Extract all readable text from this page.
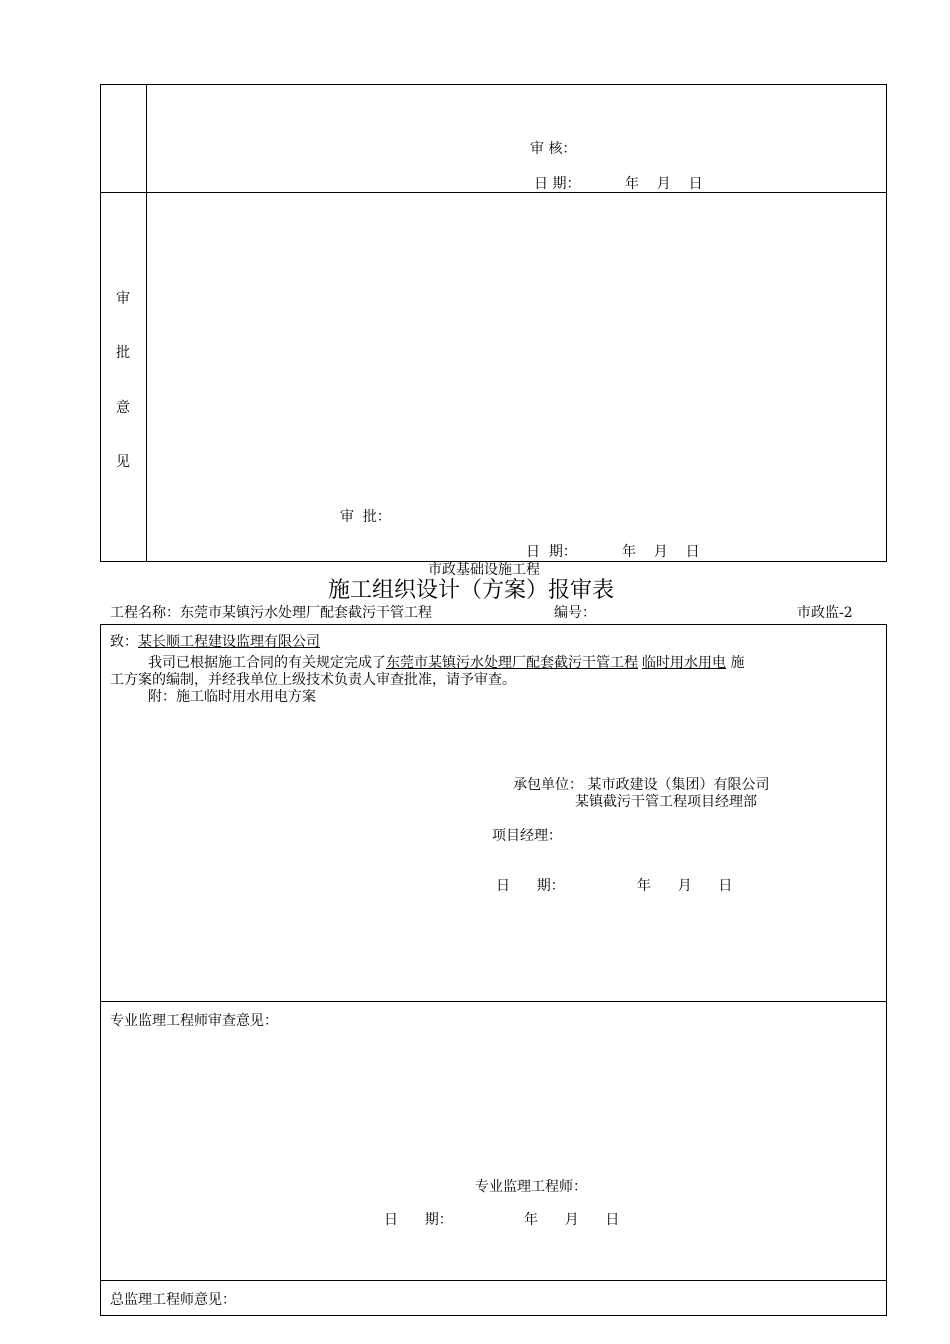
审 核：
日 期：	年    月    日
审
批
意
见
审  批：
日  期：	年    月    日
市政基础设施工程
施工组织设计（方案）报审表
工程名称：东莞市某镇污水处理厂配套截污干管工程	编号：	市政监-2
致：某长顺工程建设监理有限公司
我司已根据施工合同的有关规定完成了东莞市某镇污水处理厂配套截污干管工程 临时用水用电 施
工方案的编制，并经我单位上级技术负责人审查批准，请予审查。
附：施工临时用水用电方案
承包单位： 某市政建设（集团）有限公司
某镇截污干管工程项目经理部
项目经理：
日      期：	年      月      日
专业监理工程师审查意见：
专业监理工程师：
日      期：	年      月      日
总监理工程师意见：
